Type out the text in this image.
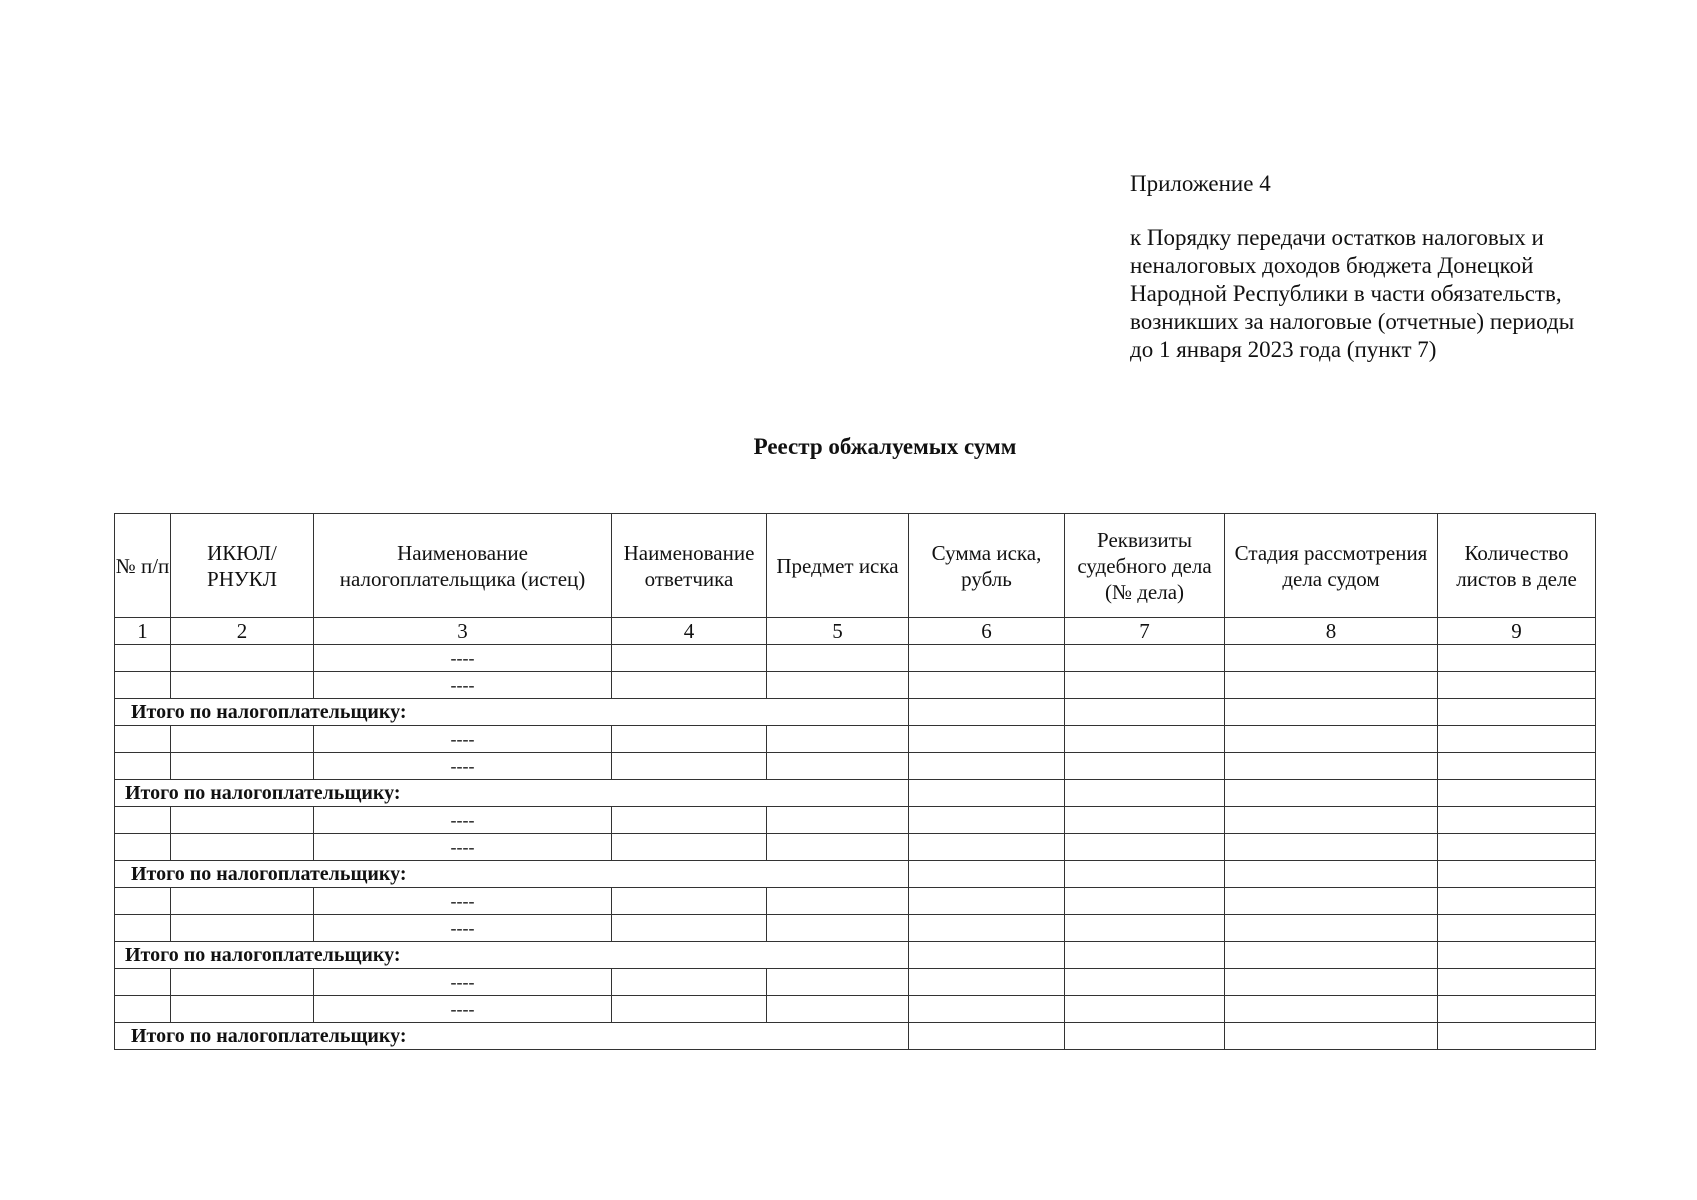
Приложение 4
к Порядку передачи остатков налоговых и
неналоговых доходов бюджета Донецкой
Народной Республики в части обязательств,
возникших за налоговые (отчетные) периоды
до 1 января 2023 года (пункт 7)
Реестр обжалуемых сумм
№ п/п	ИКЮЛ/ РНУКЛ	Наименование налогоплательщика (истец)	Наименование ответчика	Предмет иска	Сумма иска, рубль	Реквизиты судебного дела (№ дела)	Стадия рассмотрения дела судом	Количество листов в деле
1	2	3	4	5	6	7	8	9
		----						
		----						
Итого по налогоплательщику:								
		----						
		----						
Итого по налогоплательщику:								
		----						
		----						
Итого по налогоплательщику:								
		----						
		----						
Итого по налогоплательщику:								
		----						
		----						
Итого по налогоплательщику:								
